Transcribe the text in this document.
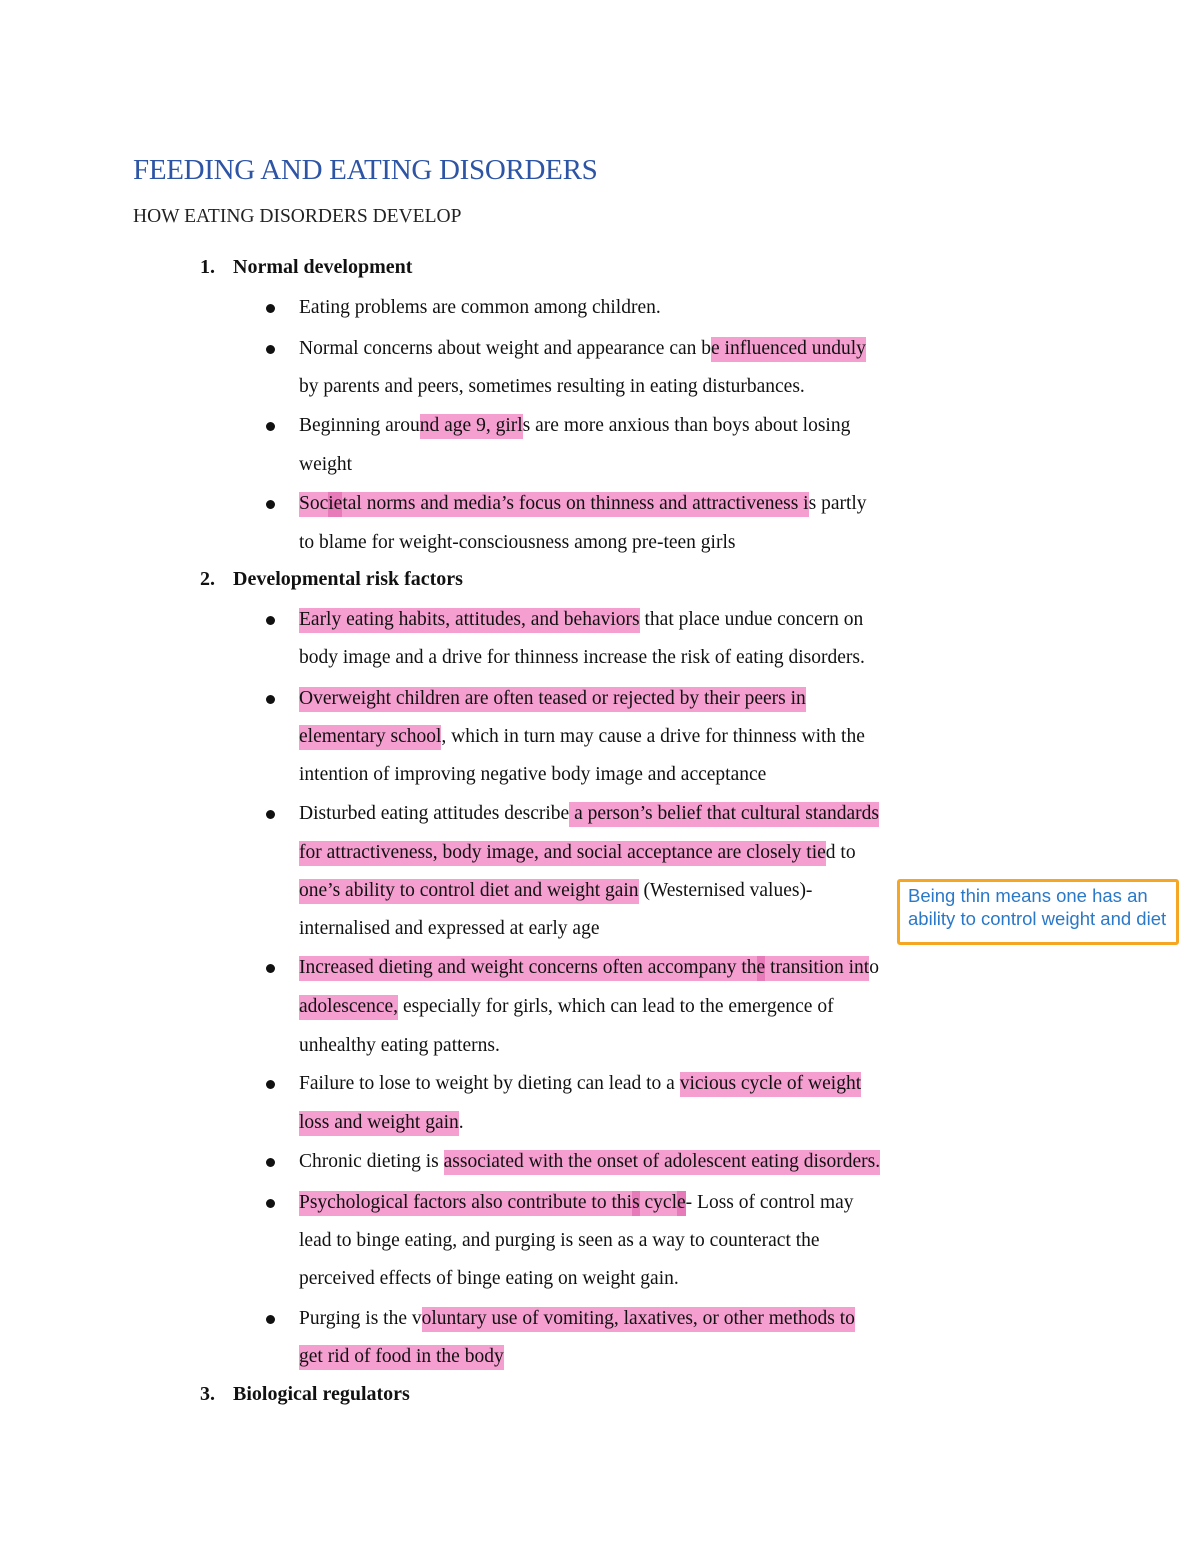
FEEDING AND EATING DISORDERS
HOW EATING DISORDERS DEVELOP
1. Normal development
Eating problems are common among children.
Normal concerns about weight and appearance can be influenced unduly
by parents and peers, sometimes resulting in eating disturbances.
Beginning around age 9, girls are more anxious than boys about losing
weight
Societal norms and media’s focus on thinness and attractiveness is partly
to blame for weight-consciousness among pre-teen girls
2. Developmental risk factors
Early eating habits, attitudes, and behaviors that place undue concern on
body image and a drive for thinness increase the risk of eating disorders.
Overweight children are often teased or rejected by their peers in
elementary school, which in turn may cause a drive for thinness with the
intention of improving negative body image and acceptance
Disturbed eating attitudes describe a person’s belief that cultural standards
for attractiveness, body image, and social acceptance are closely tied to
one’s ability to control diet and weight gain (Westernised values)-
internalised and expressed at early age
Increased dieting and weight concerns often accompany the transition into
adolescence, especially for girls, which can lead to the emergence of
unhealthy eating patterns.
Failure to lose to weight by dieting can lead to a vicious cycle of weight
loss and weight gain.
Chronic dieting is associated with the onset of adolescent eating disorders.
Psychological factors also contribute to this cycle- Loss of control may
lead to binge eating, and purging is seen as a way to counteract the
perceived effects of binge eating on weight gain.
Purging is the voluntary use of vomiting, laxatives, or other methods to
get rid of food in the body
3. Biological regulators
Being thin means one has an ability to control weight and diet
